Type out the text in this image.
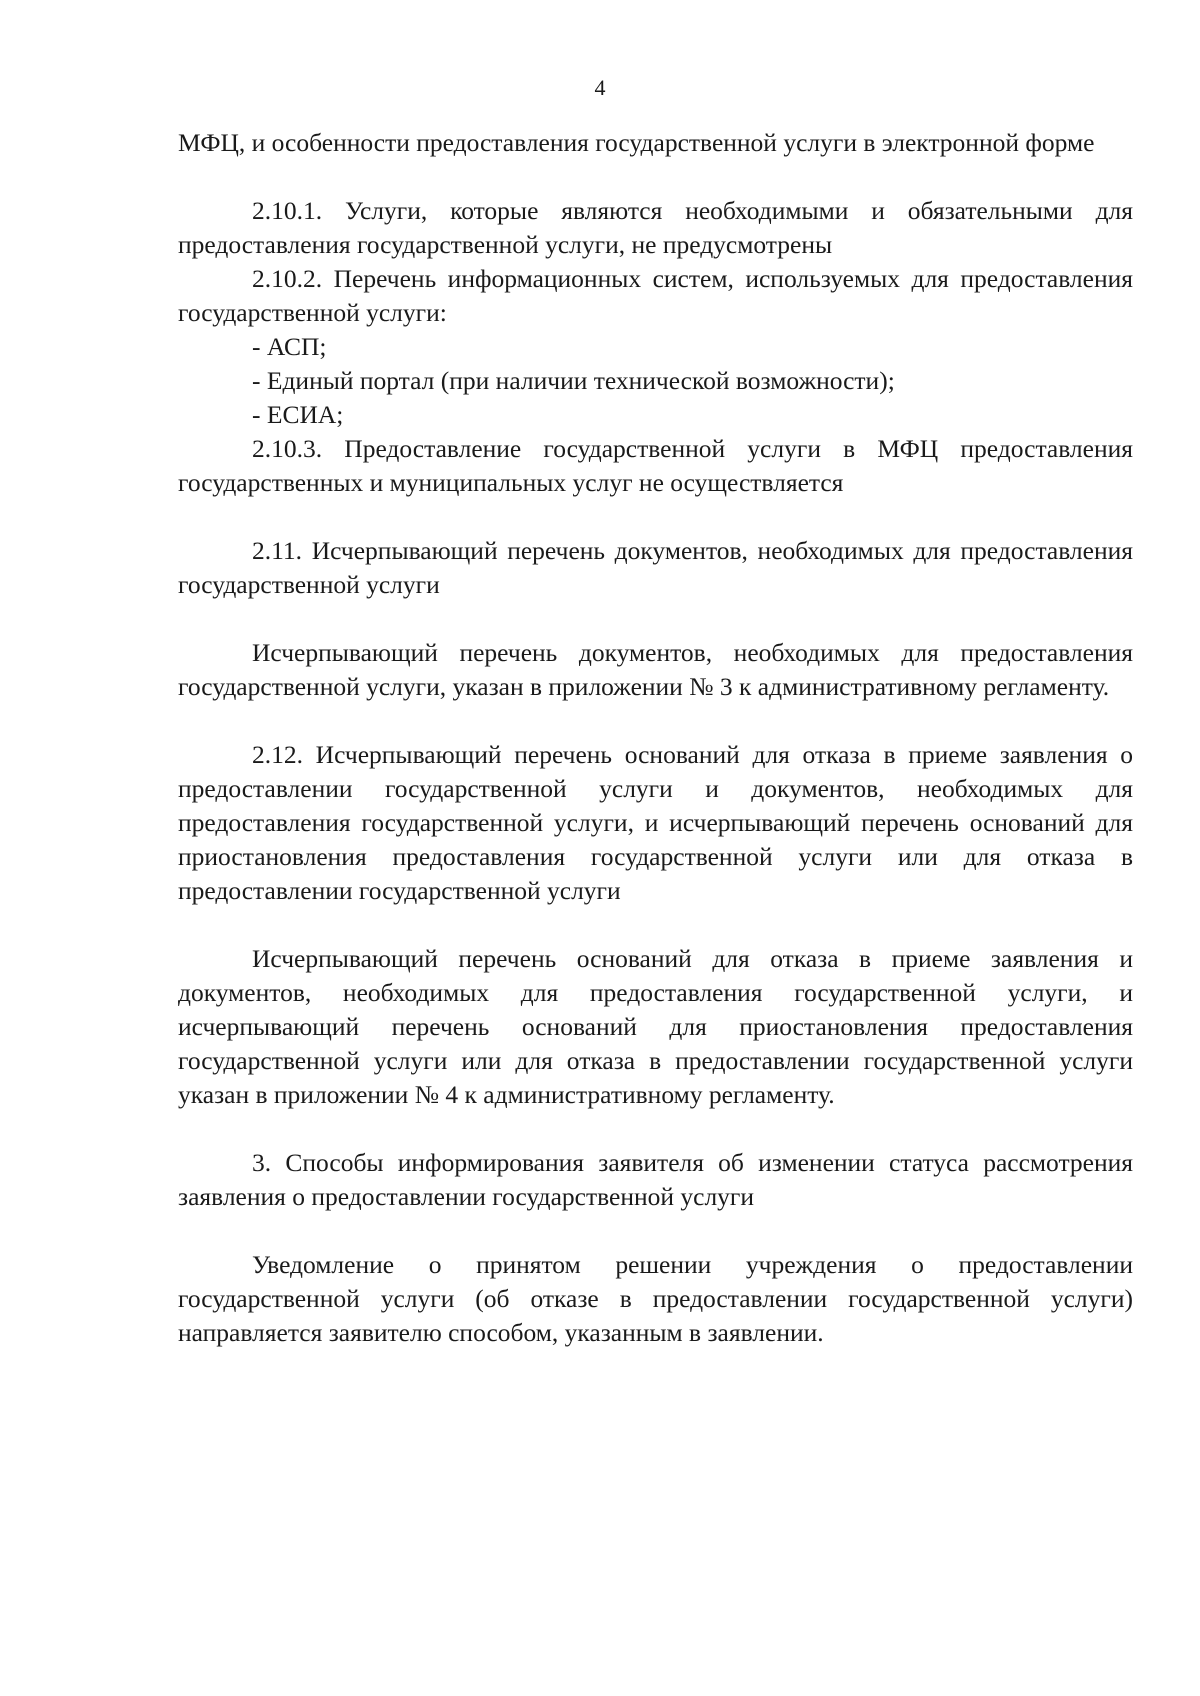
4

МФЦ, и особенности предоставления государственной услуги в электронной форме

2.10.1. Услуги, которые являются необходимыми и обязательными для предоставления государственной услуги, не предусмотрены

2.10.2. Перечень информационных систем, используемых для предоставления государственной услуги:

- АСП;

- Единый портал (при наличии технической возможности);

- ЕСИА;

2.10.3. Предоставление государственной услуги в МФЦ предоставления государственных и муниципальных услуг не осуществляется

2.11. Исчерпывающий перечень документов, необходимых для предоставления государственной услуги

Исчерпывающий перечень документов, необходимых для предоставления государственной услуги, указан в приложении № 3 к административному регламенту.

2.12. Исчерпывающий перечень оснований для отказа в приеме заявления о предоставлении государственной услуги и документов, необходимых для предоставления государственной услуги, и исчерпывающий перечень оснований для приостановления предоставления государственной услуги или для отказа в предоставлении государственной услуги

Исчерпывающий перечень оснований для отказа в приеме заявления и документов, необходимых для предоставления государственной услуги, и исчерпывающий перечень оснований для приостановления предоставления государственной услуги или для отказа в предоставлении государственной услуги указан в приложении № 4 к административному регламенту.

3. Способы информирования заявителя об изменении статуса рассмотрения заявления о предоставлении государственной услуги

Уведомление о принятом решении учреждения о предоставлении государственной услуги (об отказе в предоставлении государственной услуги) направляется заявителю способом, указанным в заявлении.
